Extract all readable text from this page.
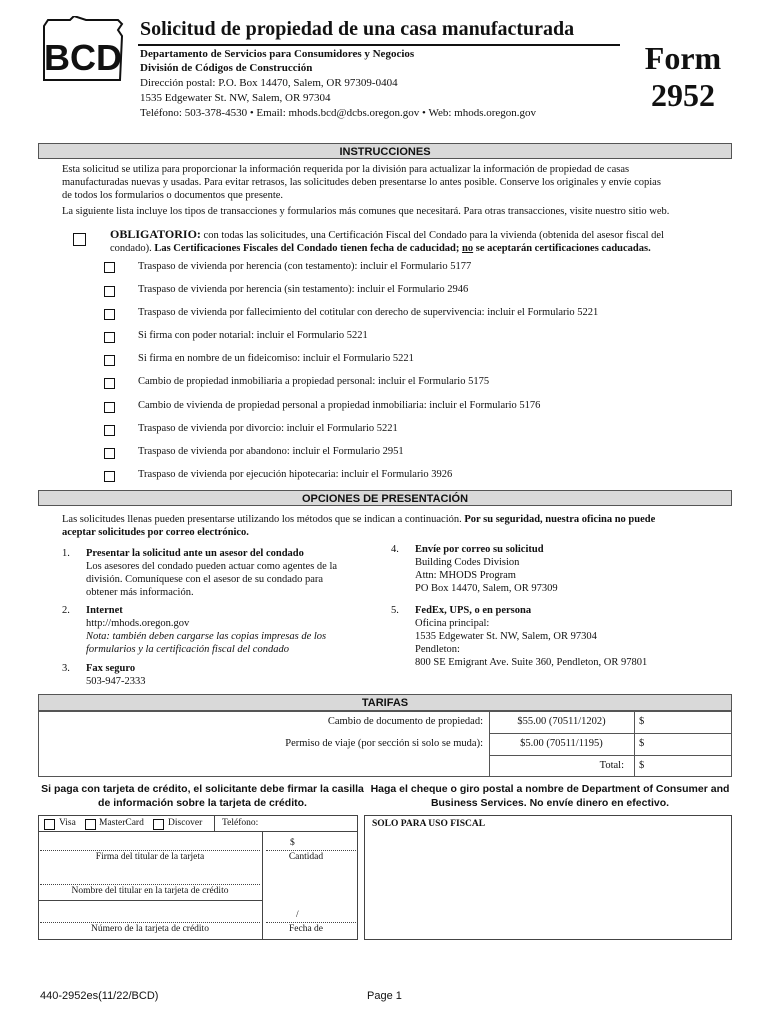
BCD
Solicitud de propiedad de una casa manufacturada
Departamento de Servicios para Consumidores y Negocios
División de Códigos de Construcción
Dirección postal: P.O. Box 14470, Salem, OR 97309-0404
1535 Edgewater St. NW, Salem, OR 97304
Teléfono: 503-378-4530 • Email: mhods.bcd@dcbs.oregon.gov • Web: mhods.oregon.gov
Form
2952
INSTRUCCIONES
Esta solicitud se utiliza para proporcionar la información requerida por la división para actualizar la información de propiedad de casas
manufacturadas nuevas y usadas. Para evitar retrasos, las solicitudes deben presentarse lo antes posible. Conserve los originales y envíe copias
de todos los formularios o documentos que presente.
La siguiente lista incluye los tipos de transacciones y formularios más comunes que necesitará. Para otras transacciones, visite nuestro sitio web.
OBLIGATORIO: con todas las solicitudes, una Certificación Fiscal del Condado para la vivienda (obtenida del asesor fiscal del
condado). Las Certificaciones Fiscales del Condado tienen fecha de caducidad; no se aceptarán certificaciones caducadas.
Traspaso de vivienda por herencia (con testamento): incluir el Formulario 5177
Traspaso de vivienda por herencia (sin testamento): incluir el Formulario 2946
Traspaso de vivienda por fallecimiento del cotitular con derecho de supervivencia: incluir el Formulario 5221
Si firma con poder notarial: incluir el Formulario 5221
Si firma en nombre de un fideicomiso: incluir el Formulario 5221
Cambio de propiedad inmobiliaria a propiedad personal: incluir el Formulario 5175
Cambio de vivienda de propiedad personal a propiedad inmobiliaria: incluir el Formulario 5176
Traspaso de vivienda por divorcio: incluir el Formulario 5221
Traspaso de vivienda por abandono: incluir el Formulario 2951
Traspaso de vivienda por ejecución hipotecaria: incluir el Formulario 3926
OPCIONES DE PRESENTACIÓN
Las solicitudes llenas pueden presentarse utilizando los métodos que se indican a continuación. Por su seguridad, nuestra oficina no puede
aceptar solicitudes por correo electrónico.
1. Presentar la solicitud ante un asesor del condado
Los asesores del condado pueden actuar como agentes de la
división. Comuníquese con el asesor de su condado para
obtener más información.
2. Internet
http://mhods.oregon.gov
Nota: también deben cargarse las copias impresas de los
formularios y la certificación fiscal del condado
3. Fax seguro
503-947-2333
4. Envíe por correo su solicitud
Building Codes Division
Attn: MHODS Program
PO Box 14470, Salem, OR 97309
5. FedEx, UPS, o en persona
Oficina principal:
1535 Edgewater St. NW, Salem, OR 97304
Pendleton:
800 SE Emigrant Ave. Suite 360, Pendleton, OR 97801
TARIFAS
Cambio de documento de propiedad:	$55.00 (70511/1202)	$
Permiso de viaje (por sección si solo se muda):	$5.00 (70511/1195)	$
Total: $
Si paga con tarjeta de crédito, el solicitante debe firmar la casilla de información sobre la tarjeta de crédito.
Haga el cheque o giro postal a nombre de Department of Consumer and Business Services. No envíe dinero en efectivo.
Visa MasterCard	Discover Teléfono:
$
Firma del titular de la tarjeta	Cantidad
Nombre del titular en la tarjeta de crédito
/
Número de la tarjeta de crédito	Fecha de
SOLO PARA USO FISCAL
440-2952es(11/22/BCD)	Page 1
